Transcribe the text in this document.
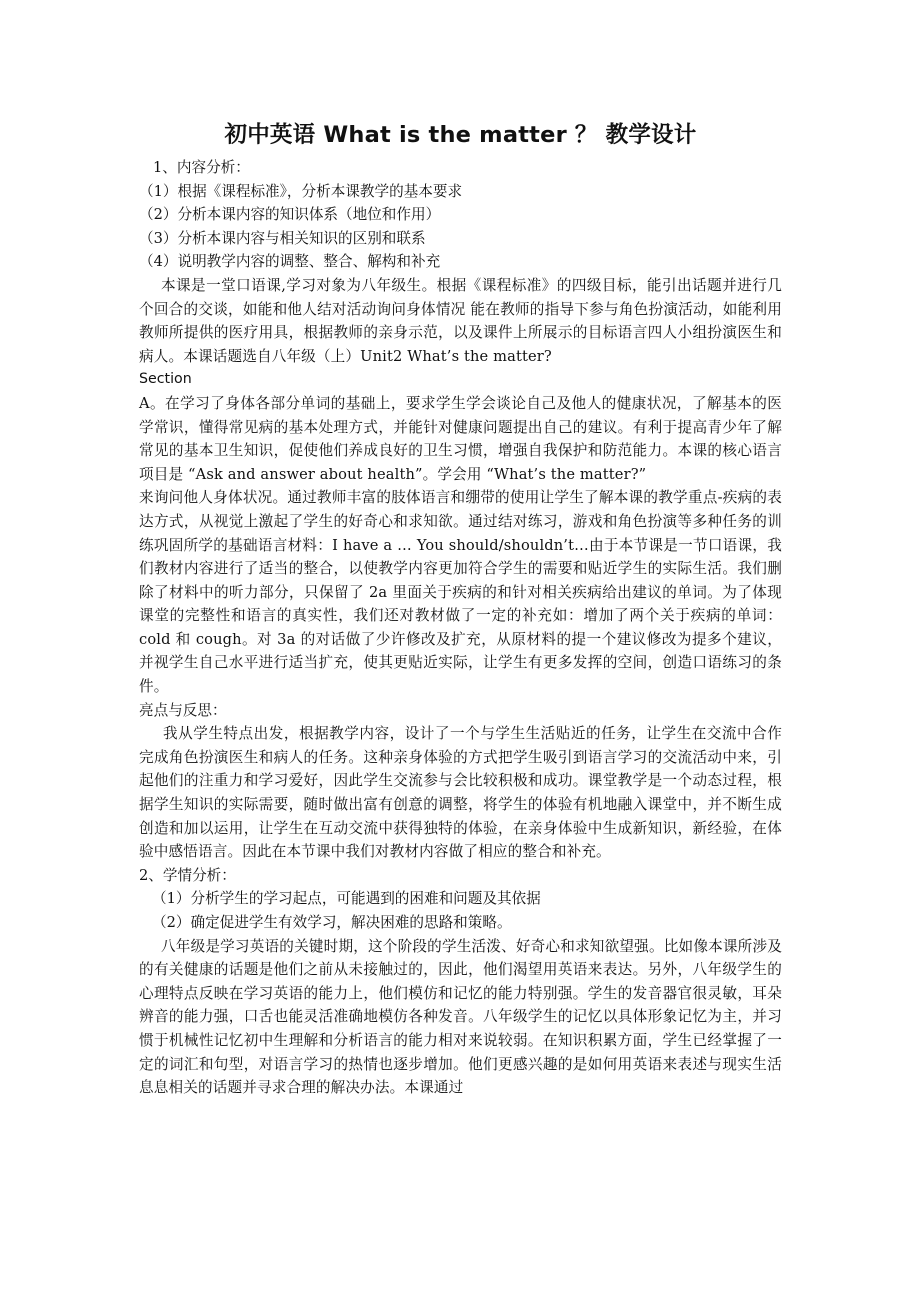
初中英语 What is the matter ？ 教学设计

1、内容分析：

（1）根据《课程标准》，分析本课教学的基本要求

（2）分析本课内容的知识体系（地位和作用）

（3）分析本课内容与相关知识的区别和联系

（4）说明教学内容的调整、整合、解构和补充

本课是一堂口语课,学习对象为八年级生。根据《课程标准》的四级目标，能引出话题并进行几个回合的交谈，如能和他人结对活动询问身体情况 能在教师的指导下参与角色扮演活动，如能利用教师所提供的医疗用具，根据教师的亲身示范，以及课件上所展示的目标语言四人小组扮演医生和病人。本课话题选自八年级（上）Unit2 What’s the matter?

Section

A。在学习了身体各部分单词的基础上，要求学生学会谈论自己及他人的健康状况，了解基本的医学常识，懂得常见病的基本处理方式，并能针对健康问题提出自己的建议。有利于提高青少年了解常见的基本卫生知识，促使他们养成良好的卫生习惯，增强自我保护和防范能力。本课的核心语言项目是 “Ask and answer about health”。学会用 “What’s the matter?”

来询问他人身体状况。通过教师丰富的肢体语言和绷带的使用让学生了解本课的教学重点-疾病的表达方式，从视觉上激起了学生的好奇心和求知欲。通过结对练习，游戏和角色扮演等多种任务的训练巩固所学的基础语言材料：I have a … You should/shouldn’t…由于本节课是一节口语课，我们教材内容进行了适当的整合，以使教学内容更加符合学生的需要和贴近学生的实际生活。我们删除了材料中的听力部分，只保留了 2a 里面关于疾病的和针对相关疾病给出建议的单词。为了体现课堂的完整性和语言的真实性，我们还对教材做了一定的补充如：增加了两个关于疾病的单词：cold 和 cough。对 3a 的对话做了少许修改及扩充，从原材料的提一个建议修改为提多个建议，并视学生自己水平进行适当扩充，使其更贴近实际，让学生有更多发挥的空间，创造口语练习的条件。

亮点与反思：

我从学生特点出发，根据教学内容，设计了一个与学生生活贴近的任务，让学生在交流中合作完成角色扮演医生和病人的任务。这种亲身体验的方式把学生吸引到语言学习的交流活动中来，引起他们的注重力和学习爱好，因此学生交流参与会比较积极和成功。课堂教学是一个动态过程，根据学生知识的实际需要，随时做出富有创意的调整，将学生的体验有机地融入课堂中，并不断生成创造和加以运用，让学生在互动交流中获得独特的体验，在亲身体验中生成新知识，新经验，在体验中感悟语言。因此在本节课中我们对教材内容做了相应的整合和补充。

2、学情分析：

（1）分析学生的学习起点，可能遇到的困难和问题及其依据

（2）确定促进学生有效学习，解决困难的思路和策略。

八年级是学习英语的关键时期，这个阶段的学生活泼、好奇心和求知欲望强。比如像本课所涉及的有关健康的话题是他们之前从未接触过的，因此，他们渴望用英语来表达。另外，八年级学生的心理特点反映在学习英语的能力上，他们模仿和记忆的能力特别强。学生的发音器官很灵敏，耳朵辨音的能力强，口舌也能灵活准确地模仿各种发音。八年级学生的记忆以具体形象记忆为主，并习惯于机械性记忆初中生理解和分析语言的能力相对来说较弱。在知识积累方面，学生已经掌握了一定的词汇和句型，对语言学习的热情也逐步增加。他们更感兴趣的是如何用英语来表述与现实生活息息相关的话题并寻求合理的解决办法。本课通过
